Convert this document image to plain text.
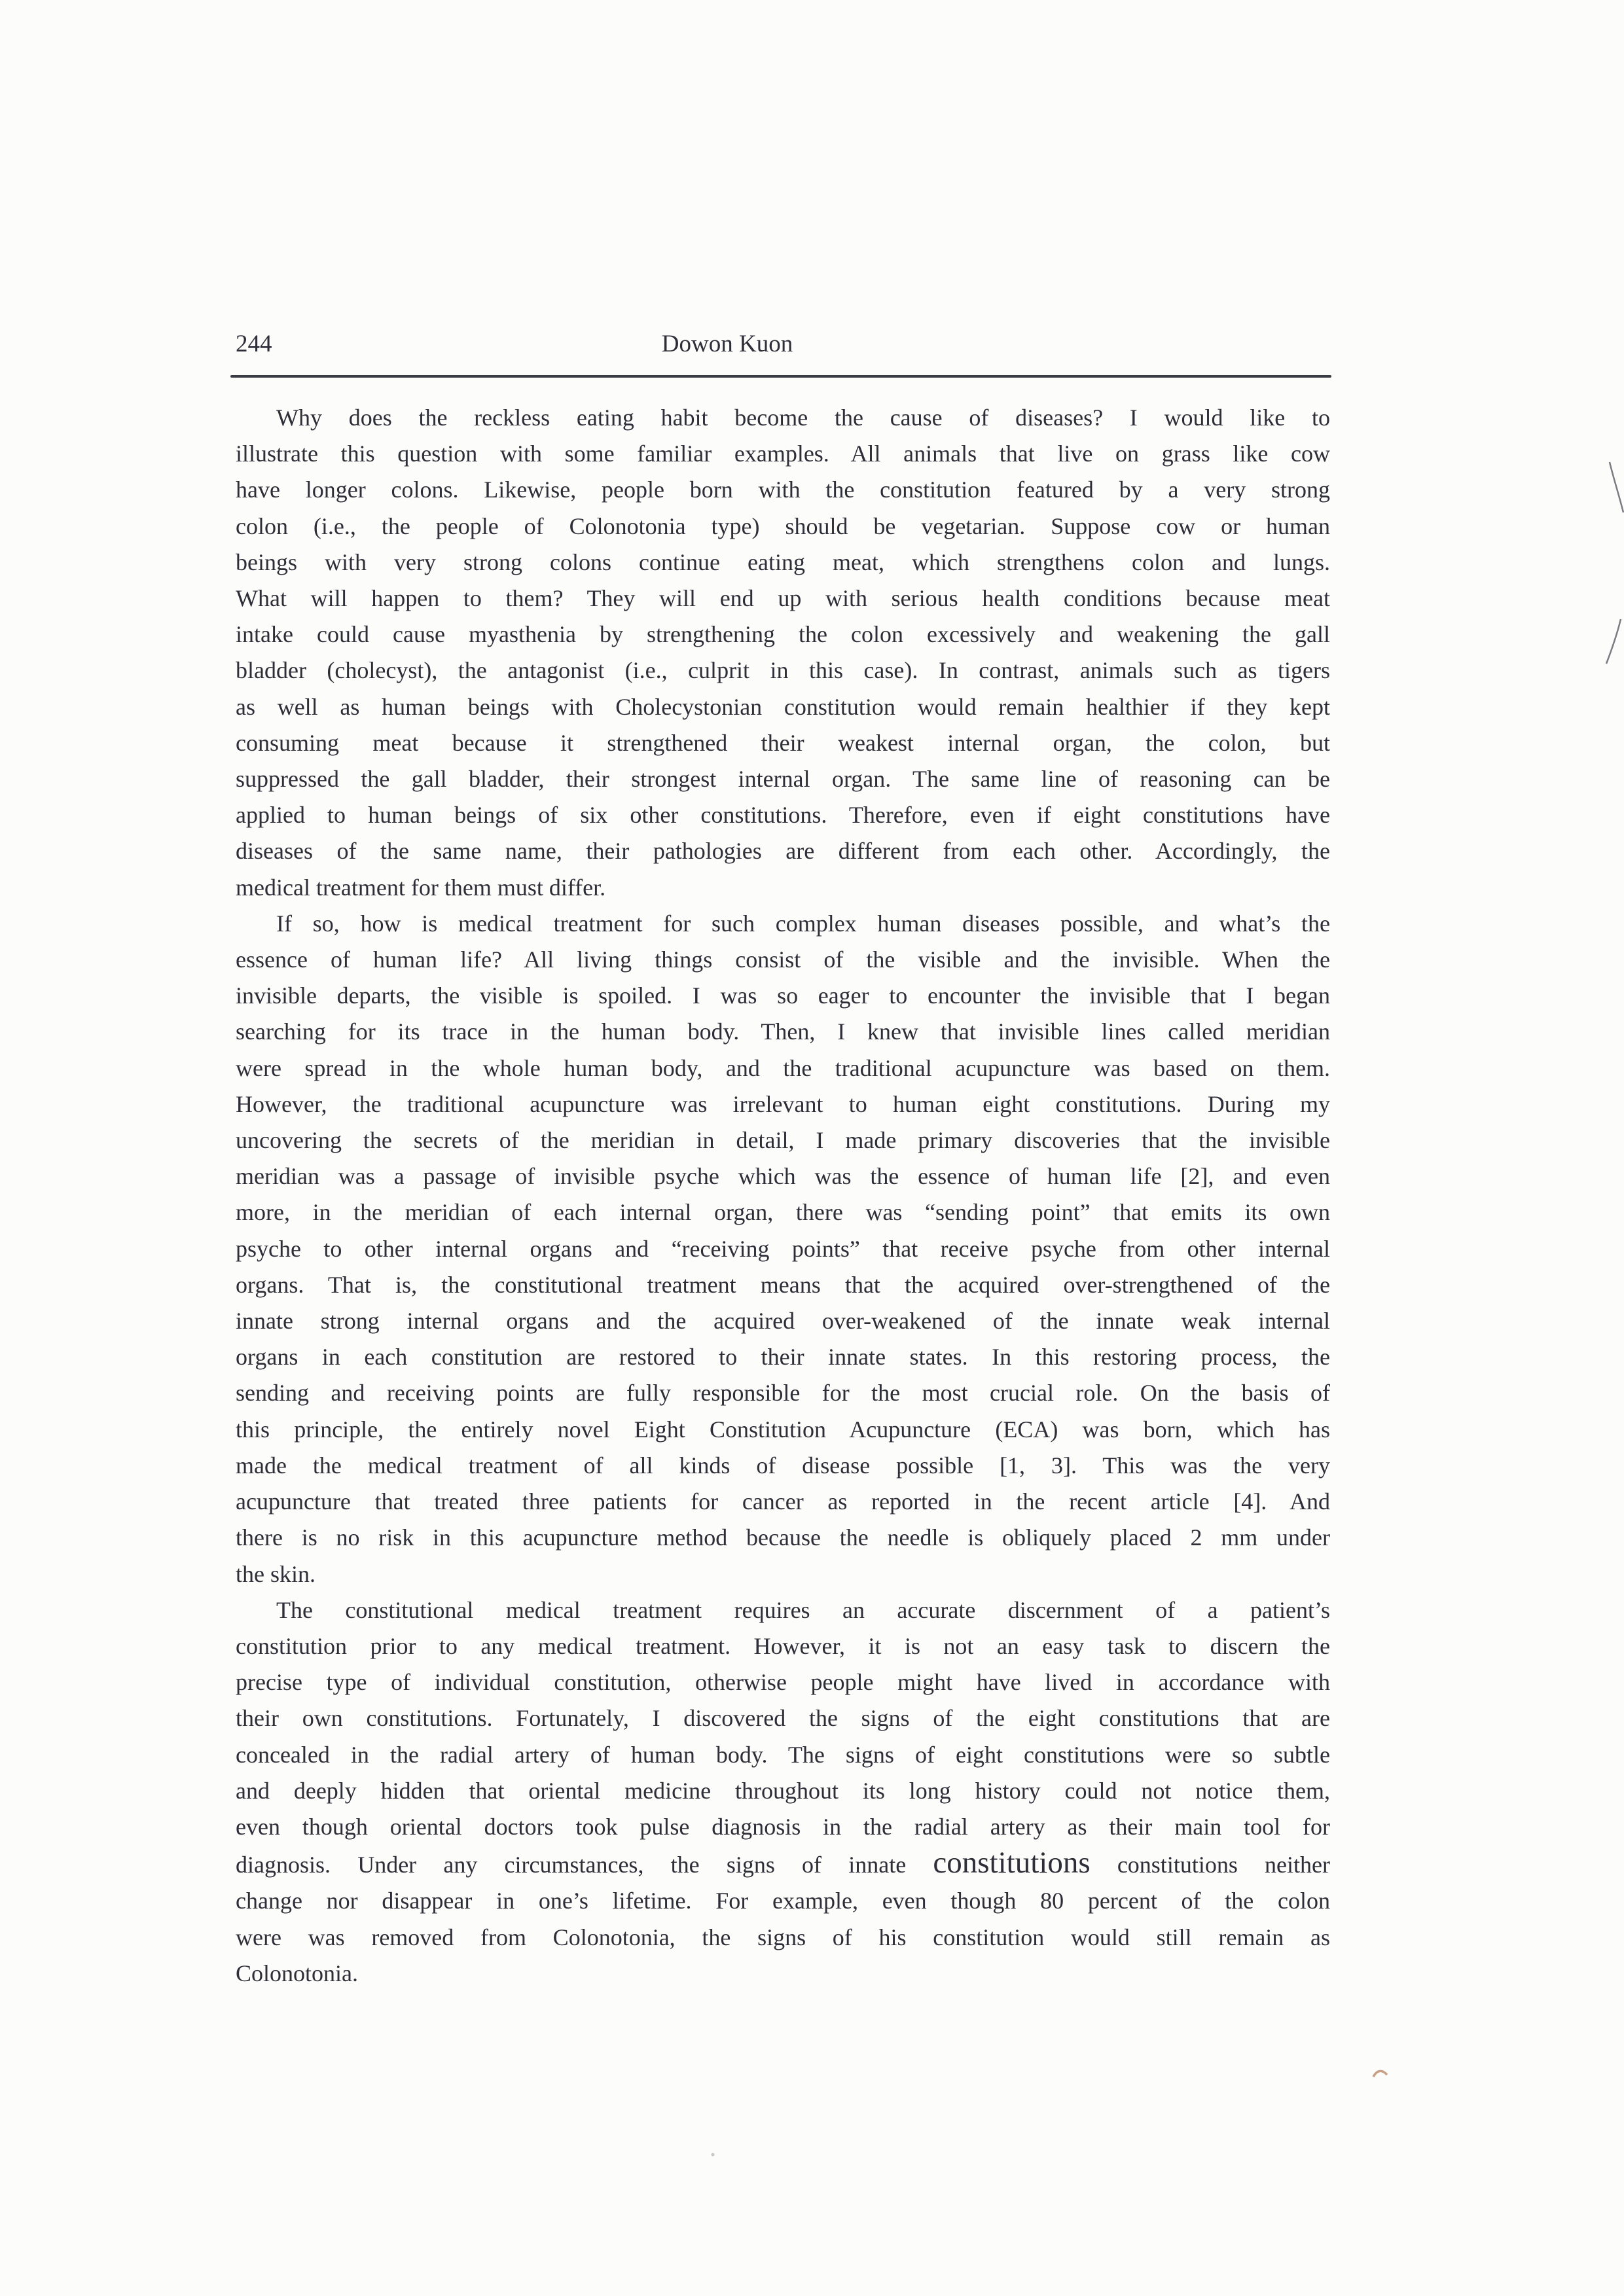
244	Dowon Kuon
Why does the reckless eating habit become the cause of diseases? I would like to
illustrate this question with some familiar examples. All animals that live on grass like cow
have longer colons. Likewise, people born with the constitution featured by a very strong
colon (i.e., the people of Colonotonia type) should be vegetarian. Suppose cow or human
beings with very strong colons continue eating meat, which strengthens colon and lungs.
What will happen to them? They will end up with serious health conditions because meat
intake could cause myasthenia by strengthening the colon excessively and weakening the gall
bladder (cholecyst), the antagonist (i.e., culprit in this case). In contrast, animals such as tigers
as well as human beings with Cholecystonian constitution would remain healthier if they kept
consuming meat because it strengthened their weakest internal organ, the colon, but
suppressed the gall bladder, their strongest internal organ. The same line of reasoning can be
applied to human beings of six other constitutions. Therefore, even if eight constitutions have
diseases of the same name, their pathologies are different from each other. Accordingly, the
medical treatment for them must differ.
If so, how is medical treatment for such complex human diseases possible, and what’s the
essence of human life? All living things consist of the visible and the invisible. When the
invisible departs, the visible is spoiled. I was so eager to encounter the invisible that I began
searching for its trace in the human body. Then, I knew that invisible lines called meridian
were spread in the whole human body, and the traditional acupuncture was based on them.
However, the traditional acupuncture was irrelevant to human eight constitutions. During my
uncovering the secrets of the meridian in detail, I made primary discoveries that the invisible
meridian was a passage of invisible psyche which was the essence of human life [2], and even
more, in the meridian of each internal organ, there was “sending point” that emits its own
psyche to other internal organs and “receiving points” that receive psyche from other internal
organs. That is, the constitutional treatment means that the acquired over-strengthened of the
innate strong internal organs and the acquired over-weakened of the innate weak internal
organs in each constitution are restored to their innate states. In this restoring process, the
sending and receiving points are fully responsible for the most crucial role. On the basis of
this principle, the entirely novel Eight Constitution Acupuncture (ECA) was born, which has
made the medical treatment of all kinds of disease possible [1, 3]. This was the very
acupuncture that treated three patients for cancer as reported in the recent article [4]. And
there is no risk in this acupuncture method because the needle is obliquely placed 2 mm under
the skin.
The constitutional medical treatment requires an accurate discernment of a patient’s
constitution prior to any medical treatment. However, it is not an easy task to discern the
precise type of individual constitution, otherwise people might have lived in accordance with
their own constitutions. Fortunately, I discovered the signs of the eight constitutions that are
concealed in the radial artery of human body. The signs of eight constitutions were so subtle
and deeply hidden that oriental medicine throughout its long history could not notice them,
even though oriental doctors took pulse diagnosis in the radial artery as their main tool for
diagnosis. Under any circumstances, the signs of innate constitutions constitutions neither
change nor disappear in one’s lifetime. For example, even though 80 percent of the colon
were was removed from Colonotonia, the signs of his constitution would still remain as
Colonotonia.
